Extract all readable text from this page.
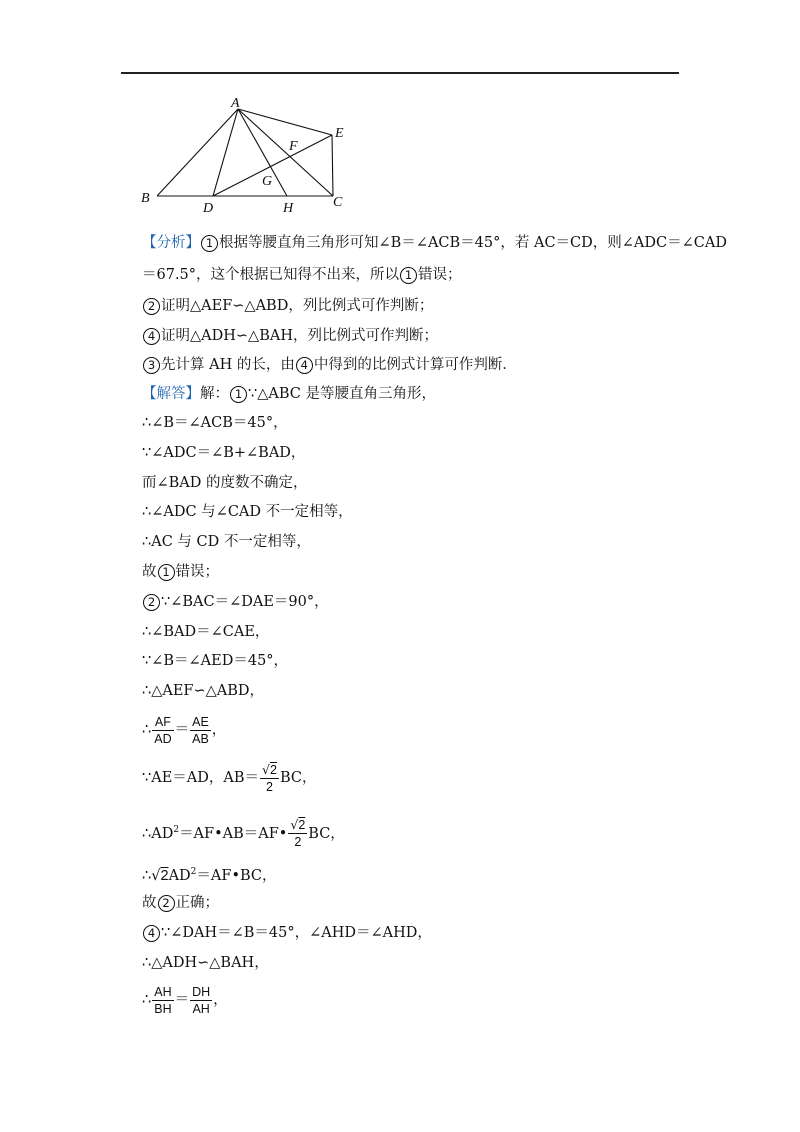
A
B	C
D
E
F
G
H
【分析】 1 根据等腰直角三角形可知∠B＝∠ACB＝45°，若 AC＝CD，则∠ADC＝∠CAD
＝67.5°，这个根据已知得不出来，所以 1 错误；
2 证明△AEF∽△ABD，列比例式可作判断；
4 证明△ADH∽△BAH，列比例式可作判断；
3 先计算 AH 的长，由 4 中得到的比例式计算可作判断．
【解答】解： 1 ∵△ABC 是等腰直角三角形，
∴∠B＝∠ACB＝45°，
∵∠ADC＝∠B+∠BAD，
而∠BAD 的度数不确定，
∴∠ADC 与∠CAD 不一定相等，
∴AC 与 CD 不一定相等，
故 1 错误；
2 ∵∠BAC＝∠DAE＝90°，
∴∠BAD＝∠CAE，
∵∠B＝∠AED＝45°，
∴△AEF∽△ABD，
∴ $\frac{AF}{AD} = \frac{AE}{AB}$ ，
∵AE＝AD，$AB= \frac{√2}{2}$ BC，
$\therefore AD^2=AF•AB=AF• \frac{√2}{2}$ BC，
$\therefore√2AD^2=AF•BC$，
故 2 正确；
4 ∵∠DAH＝∠B＝45°，∠AHD＝∠AHD，
∴△ADH∽△BAH，
∴ $\frac{AH}{BH} = \frac{DH}{AH}$ ，
